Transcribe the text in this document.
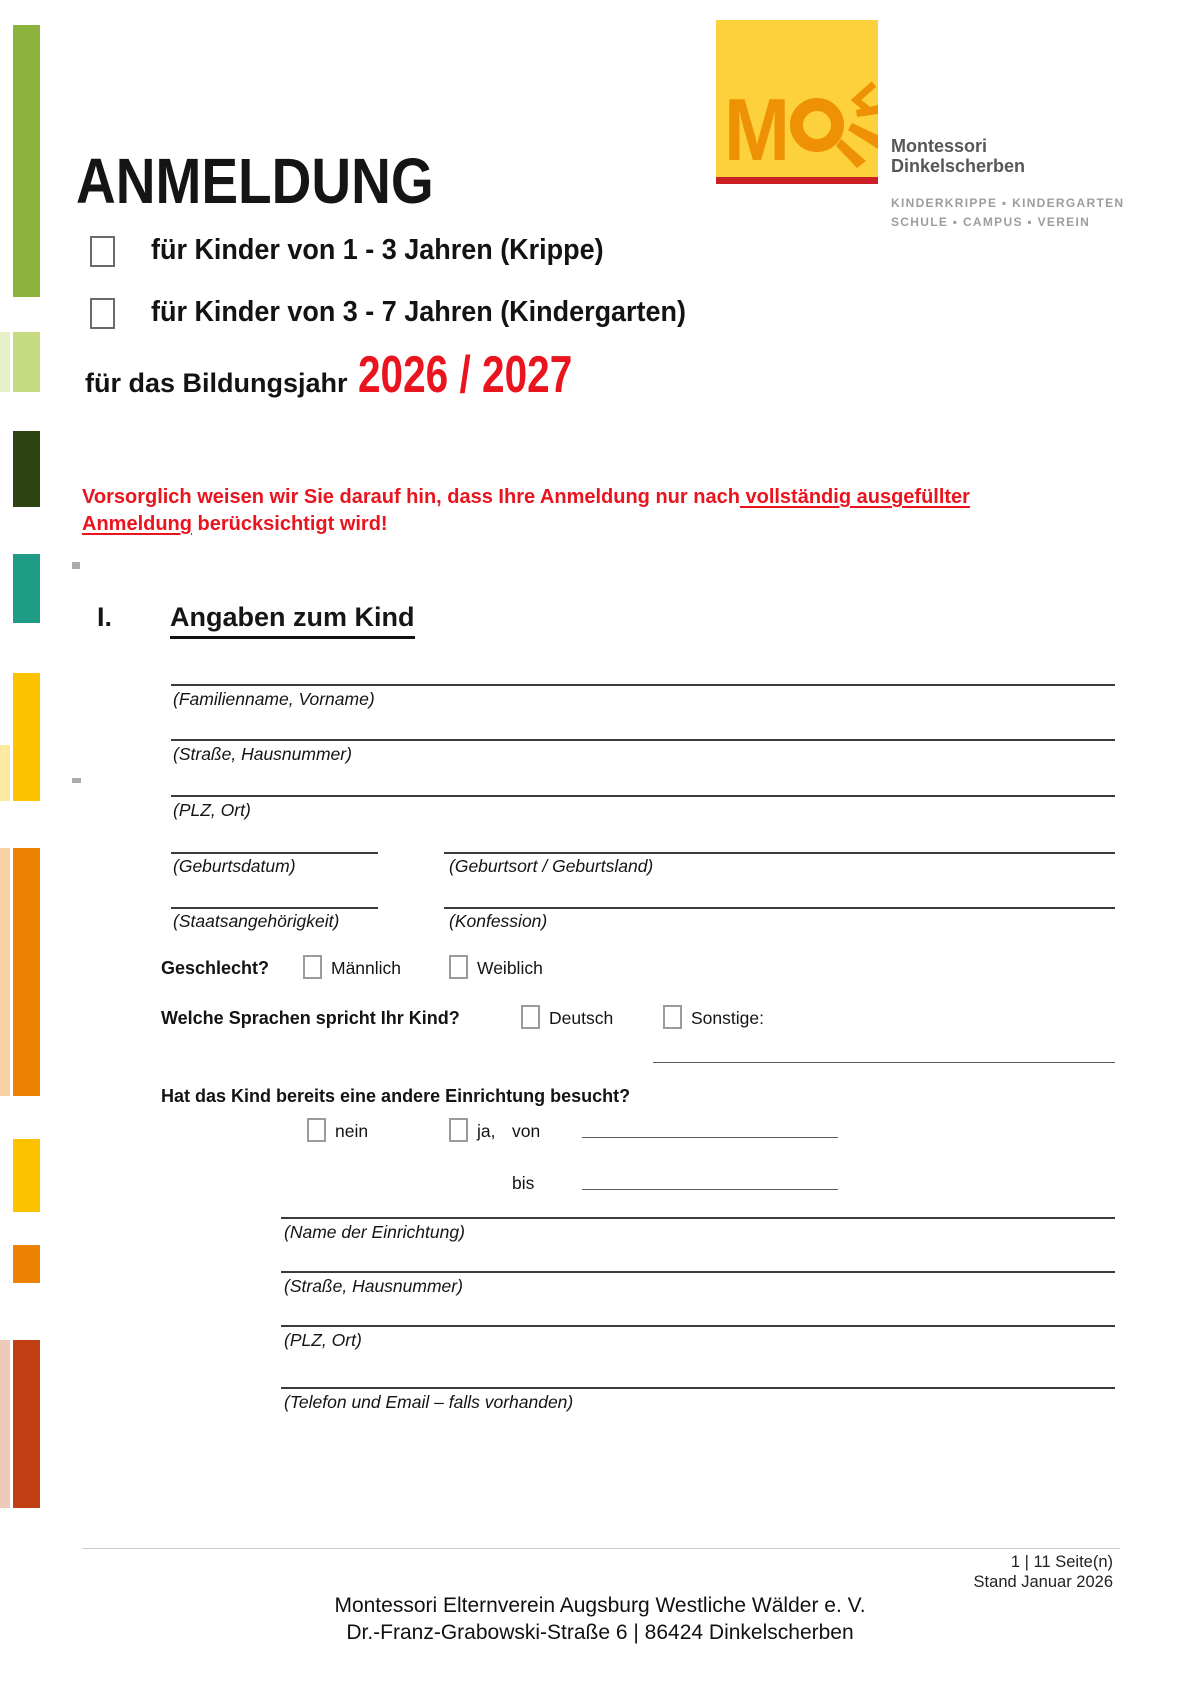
M	Montessori
Dinkelscherben
KINDERKRIPPE ▪ KINDERGARTEN
SCHULE ▪ CAMPUS ▪ VEREIN
ANMELDUNG
für Kinder von 1 - 3 Jahren (Krippe)
für Kinder von 3 - 7 Jahren (Kindergarten)
für das Bildungsjahr 2026 / 2027
Vorsorglich weisen wir Sie darauf hin, dass Ihre Anmeldung nur nach vollständig ausgefüllter
Anmeldung berücksichtigt wird!
I. Angaben zum Kind
(Familienname, Vorname)
(Straße, Hausnummer)
(PLZ, Ort)
(Geburtsdatum)	(Geburtsort / Geburtsland)
(Staatsangehörigkeit)	(Konfession)
Geschlecht?	Männlich	Weiblich
Welche Sprachen spricht Ihr Kind?	Deutsch	Sonstige:
Hat das Kind bereits eine andere Einrichtung besucht?
nein	ja, von
bis
(Name der Einrichtung)
(Straße, Hausnummer)
(PLZ, Ort)
(Telefon und Email – falls vorhanden)
1 | 11 Seite(n)
Stand Januar 2026
Montessori Elternverein Augsburg Westliche Wälder e. V.
Dr.-Franz-Grabowski-Straße 6 | 86424 Dinkelscherben
